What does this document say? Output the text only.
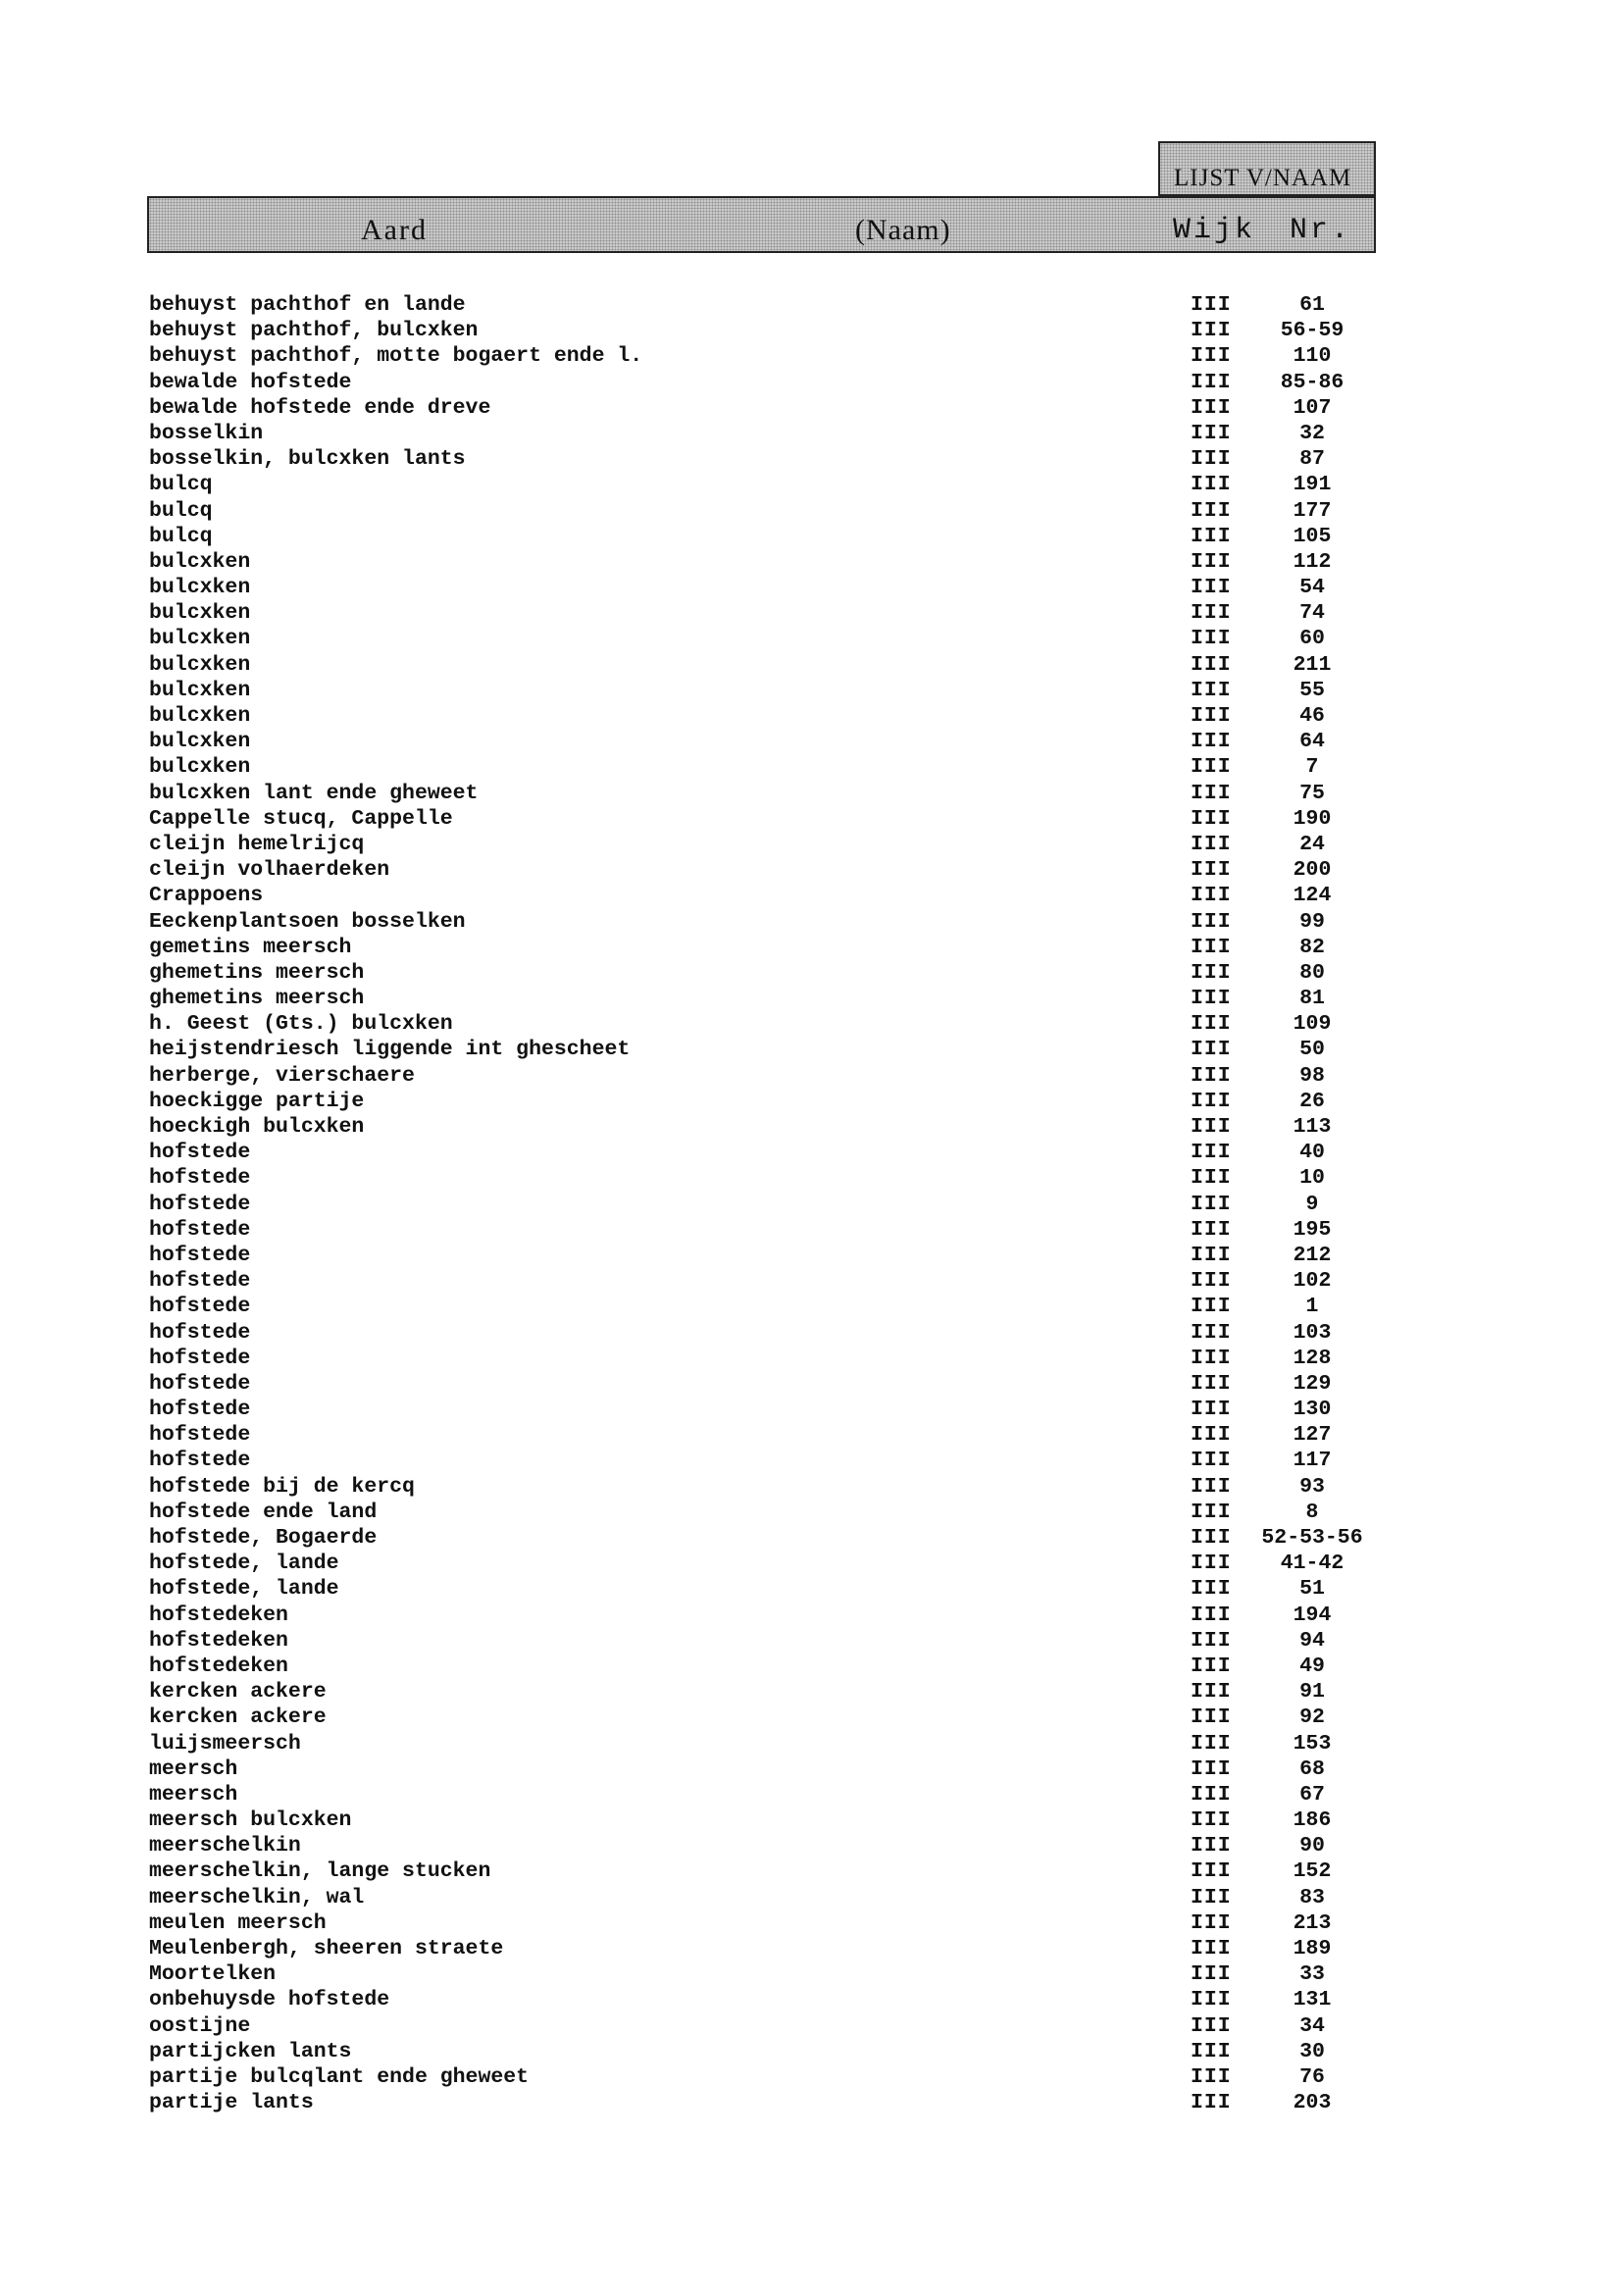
LIJST V/NAAM
Aard	(Naam)	Wijk Nr.
behuyst pachthof en lande	III	61
behuyst pachthof, bulcxken	III 56-59
behuyst pachthof, motte bogaert ende l.	III	110
bewalde hofstede	III 85-86
bewalde hofstede ende dreve	III	107
bosselkin	III	32
bosselkin, bulcxken lants	III	87
bulcq	III	191
bulcq	III	177
bulcq	III	105
bulcxken	III	112
bulcxken	III	54
bulcxken	III	74
bulcxken	III	60
bulcxken	III	211
bulcxken	III	55
bulcxken	III	46
bulcxken	III	64
bulcxken	III	7
bulcxken lant ende gheweet	III	75
Cappelle stucq, Cappelle	III	190
cleijn hemelrijcq	III	24
cleijn volhaerdeken	III	200
Crappoens	III	124
Eeckenplantsoen bosselken	III	99
gemetins meersch	III	82
ghemetins meersch	III	80
ghemetins meersch	III	81
h. Geest (Gts.) bulcxken	III	109
heijstendriesch liggende int ghescheet	III	50
herberge, vierschaere	III	98
hoeckigge partije	III	26
hoeckigh bulcxken	III	113
hofstede	III	40
hofstede	III	10
hofstede	III	9
hofstede	III	195
hofstede	III	212
hofstede	III	102
hofstede	III	1
hofstede	III	103
hofstede	III	128
hofstede	III	129
hofstede	III	130
hofstede	III	127
hofstede	III	117
hofstede bij de kercq	III	93
hofstede ende land	III	8
hofstede, Bogaerde	III 52-53-56
hofstede, lande	III 41-42
hofstede, lande	III	51
hofstedeken	III	194
hofstedeken	III	94
hofstedeken	III	49
kercken ackere	III	91
kercken ackere	III	92
luijsmeersch	III	153
meersch	III	68
meersch	III	67
meersch bulcxken	III	186
meerschelkin	III	90
meerschelkin, lange stucken	III	152
meerschelkin, wal	III	83
meulen meersch	III	213
Meulenbergh, sheeren straete	III	189
Moortelken	III	33
onbehuysde hofstede	III	131
oostijne	III	34
partijcken lants	III	30
partije bulcqlant ende gheweet	III	76
partije lants	III	203
